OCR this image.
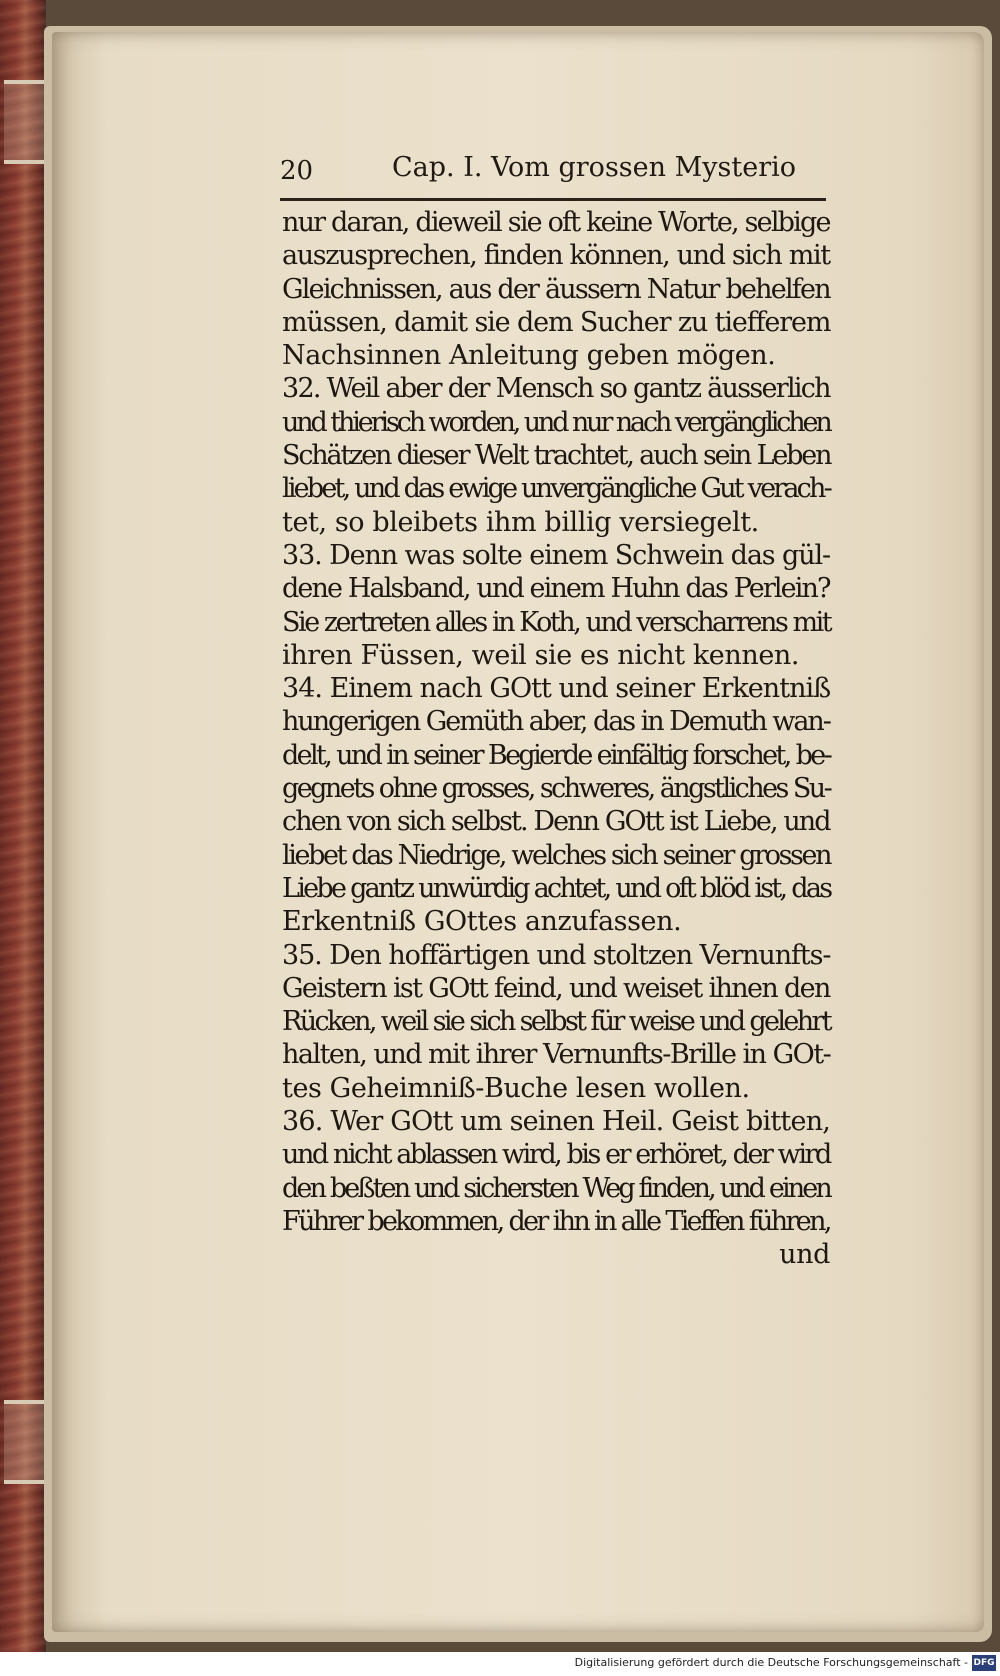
20	Cap. I. Vom grossen Mysterio
nur daran, dieweil sie oft keine Worte, selbige
auszusprechen, finden können, und sich mit
Gleichnissen, aus der äussern Natur behelfen
müssen, damit sie dem Sucher zu tiefferem
Nachsinnen Anleitung geben mögen.
32. Weil aber der Mensch so gantz äusserlich
und thierisch worden, und nur nach vergänglichen
Schätzen dieser Welt trachtet, auch sein Leben
liebet, und das ewige unvergängliche Gut verach-
tet, so bleibets ihm billig versiegelt.
33. Denn was solte einem Schwein das gül-
dene Halsband, und einem Huhn das Perlein?
Sie zertreten alles in Koth, und verscharrens mit
ihren Füssen, weil sie es nicht kennen.
34. Einem nach GOtt und seiner Erkentniß
hungerigen Gemüth aber, das in Demuth wan-
delt, und in seiner Begierde einfältig forschet, be-
gegnets ohne grosses, schweres, ängstliches Su-
chen von sich selbst. Denn GOtt ist Liebe, und
liebet das Niedrige, welches sich seiner grossen
Liebe gantz unwürdig achtet, und oft blöd ist, das
Erkentniß GOttes anzufassen.
35. Den hoffärtigen und stoltzen Vernunfts-
Geistern ist GOtt feind, und weiset ihnen den
Rücken, weil sie sich selbst für weise und gelehrt
halten, und mit ihrer Vernunfts-Brille in GOt-
tes Geheimniß-Buche lesen wollen.
36. Wer GOtt um seinen Heil. Geist bitten,
und nicht ablassen wird, bis er erhöret, der wird
den beßten und sichersten Weg finden, und einen
Führer bekommen, der ihn in alle Tieffen führen,
und
Digitalisierung gefördert durch die Deutsche Forschungsgemeinschaft - DFG
